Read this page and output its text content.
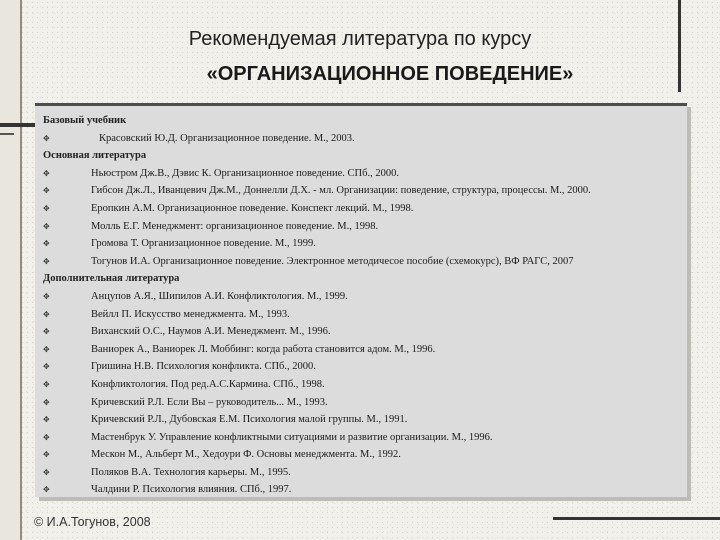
Рекомендуемая литература по курсу
«ОРГАНИЗАЦИОННОЕ ПОВЕДЕНИЕ»
Базовый учебник
✥	Красовский Ю.Д. Организационное поведение. М., 2003.
Основная литература
✥	Ньюстром Дж.В., Дэвис К. Организационное поведение. СПб., 2000.
✥	Гибсон Дж.Л., Иванцевич Дж.М., Доннелли Д.Х. - мл. Организации: поведение, структура, процессы. М., 2000.
✥	Еропкин А.М. Организационное поведение. Конспект лекций. М., 1998.
✥	Молль Е.Г. Менеджмент: организационное поведение. М., 1998.
✥	Громова Т. Организационное поведение. М., 1999.
✥	Тогунов И.А. Организационное поведение. Электронное методичесое пособие (схемокурс), ВФ РАГС, 2007
Дополнительная литература
✥	Анцупов А.Я., Шипилов А.И. Конфликтология. М., 1999.
✥	Вейлл П. Искусство менеджмента. М., 1993.
✥	Виханский О.С., Наумов А.И. Менеджмент. М., 1996.
✥	Ваниорек А., Ваниорек Л. Моббинг: когда работа становится адом. М., 1996.
✥	Гришина Н.В. Психология конфликта. СПб., 2000.
✥	Конфликтология. Под ред.А.С.Кармина. СПб., 1998.
✥	Кричевский Р.Л. Если Вы – руководитель... М., 1993.
✥	Кричевский Р.Л., Дубовская Е.М. Психология малой группы. М., 1991.
✥	Мастенбрук У. Управление конфликтными ситуациями и развитие организации. М., 1996.
✥	Мескон М., Альберт М., Хедоури Ф. Основы менеджмента. М., 1992.
✥	Поляков В.А. Технология карьеры. М., 1995.
✥	Чалдини Р. Психология влияния. СПб., 1997.
© И.А.Тогунов, 2008
